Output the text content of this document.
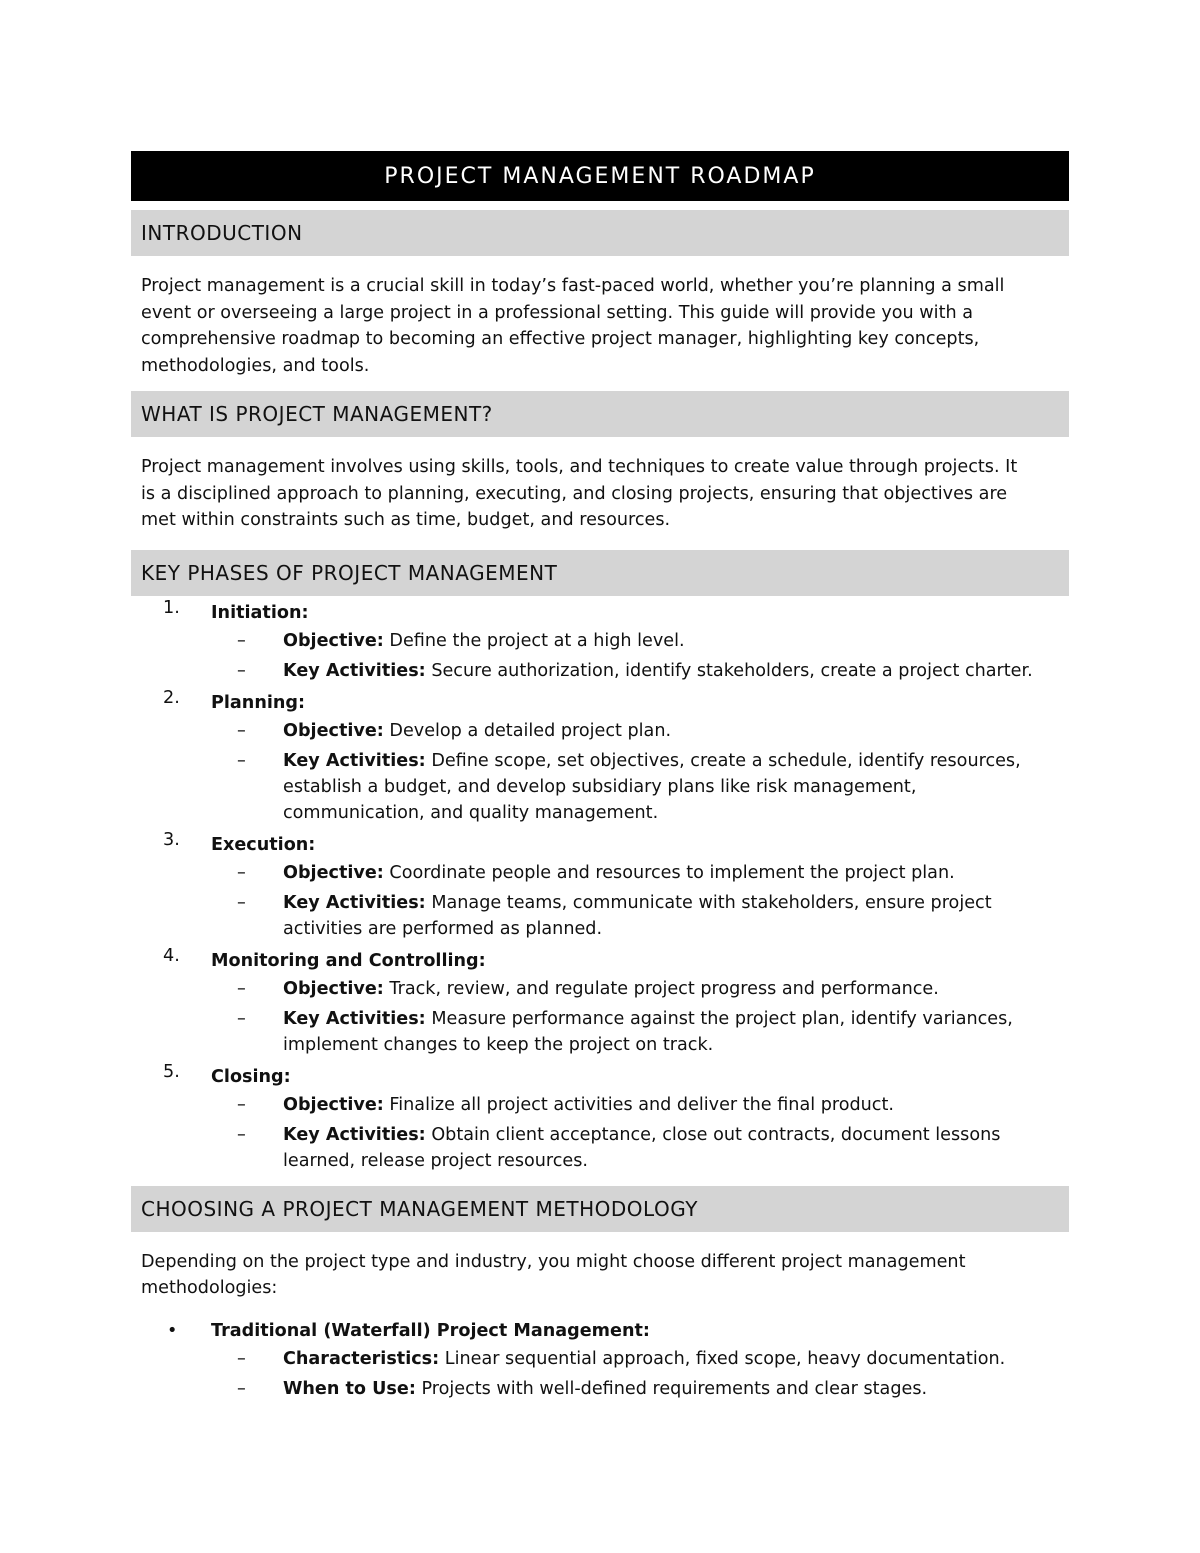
PROJECT MANAGEMENT ROADMAP
INTRODUCTION
Project management is a crucial skill in today’s fast-paced world, whether you’re planning a small
event or overseeing a large project in a professional setting. This guide will provide you with a
comprehensive roadmap to becoming an effective project manager, highlighting key concepts,
methodologies, and tools.
WHAT IS PROJECT MANAGEMENT?
Project management involves using skills, tools, and techniques to create value through projects. It
is a disciplined approach to planning, executing, and closing projects, ensuring that objectives are
met within constraints such as time, budget, and resources.
KEY PHASES OF PROJECT MANAGEMENT
1. Initiation:
– Objective: Define the project at a high level.
– Key Activities: Secure authorization, identify stakeholders, create a project charter.
2. Planning:
– Objective: Develop a detailed project plan.
– Key Activities: Define scope, set objectives, create a schedule, identify resources,
establish a budget, and develop subsidiary plans like risk management,
communication, and quality management.
3. Execution:
– Objective: Coordinate people and resources to implement the project plan.
– Key Activities: Manage teams, communicate with stakeholders, ensure project
activities are performed as planned.
4. Monitoring and Controlling:
– Objective: Track, review, and regulate project progress and performance.
– Key Activities: Measure performance against the project plan, identify variances,
implement changes to keep the project on track.
5. Closing:
– Objective: Finalize all project activities and deliver the final product.
– Key Activities: Obtain client acceptance, close out contracts, document lessons
learned, release project resources.
CHOOSING A PROJECT MANAGEMENT METHODOLOGY
Depending on the project type and industry, you might choose different project management
methodologies:
• Traditional (Waterfall) Project Management:
– Characteristics: Linear sequential approach, fixed scope, heavy documentation.
– When to Use: Projects with well-defined requirements and clear stages.
